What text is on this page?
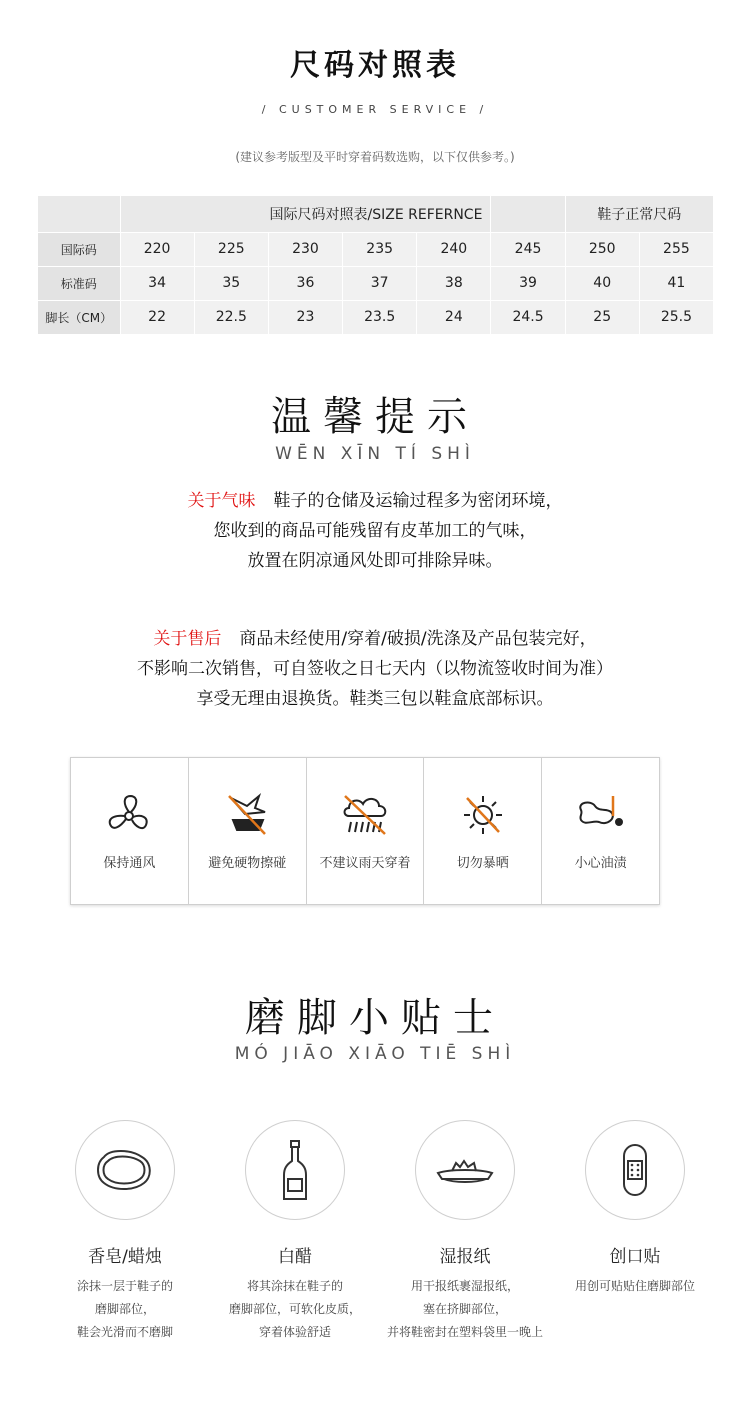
尺码对照表
/ CUSTOMER SERVICE /
(建议参考版型及平时穿着码数选购，以下仅供参考。)
	国际尺码对照表/SIZE REFERNCE						鞋子正常尺码	
国际码	220	225	230	235	240	245	250	255
标准码	34	35	36	37	38	39	40	41
脚长（CM）	22	22.5	23	23.5	24	24.5	25	25.5
温馨提示
WĒN XĪN TÍ SHÌ
关于气味 鞋子的仓储及运输过程多为密闭环境，
您收到的商品可能残留有皮革加工的气味，
放置在阴凉通风处即可排除异味。
关于售后 商品未经使用/穿着/破损/洗涤及产品包装完好，
不影响二次销售，可自签收之日七天内（以物流签收时间为准）
享受无理由退换货。鞋类三包以鞋盒底部标识。
保持通风	避免硬物擦碰	不建议雨天穿着	切勿暴晒	小心油渍
磨脚小贴士
MÓ JIĀO XIĀO TIĒ SHÌ
香皂/蜡烛
涂抹一层于鞋子的
磨脚部位，
鞋会光滑而不磨脚
白醋
将其涂抹在鞋子的
磨脚部位，可软化皮质，
穿着体验舒适
湿报纸
用干报纸裹湿报纸，
塞在挤脚部位，
并将鞋密封在塑料袋里一晚上
创口贴
用创可贴贴住磨脚部位
